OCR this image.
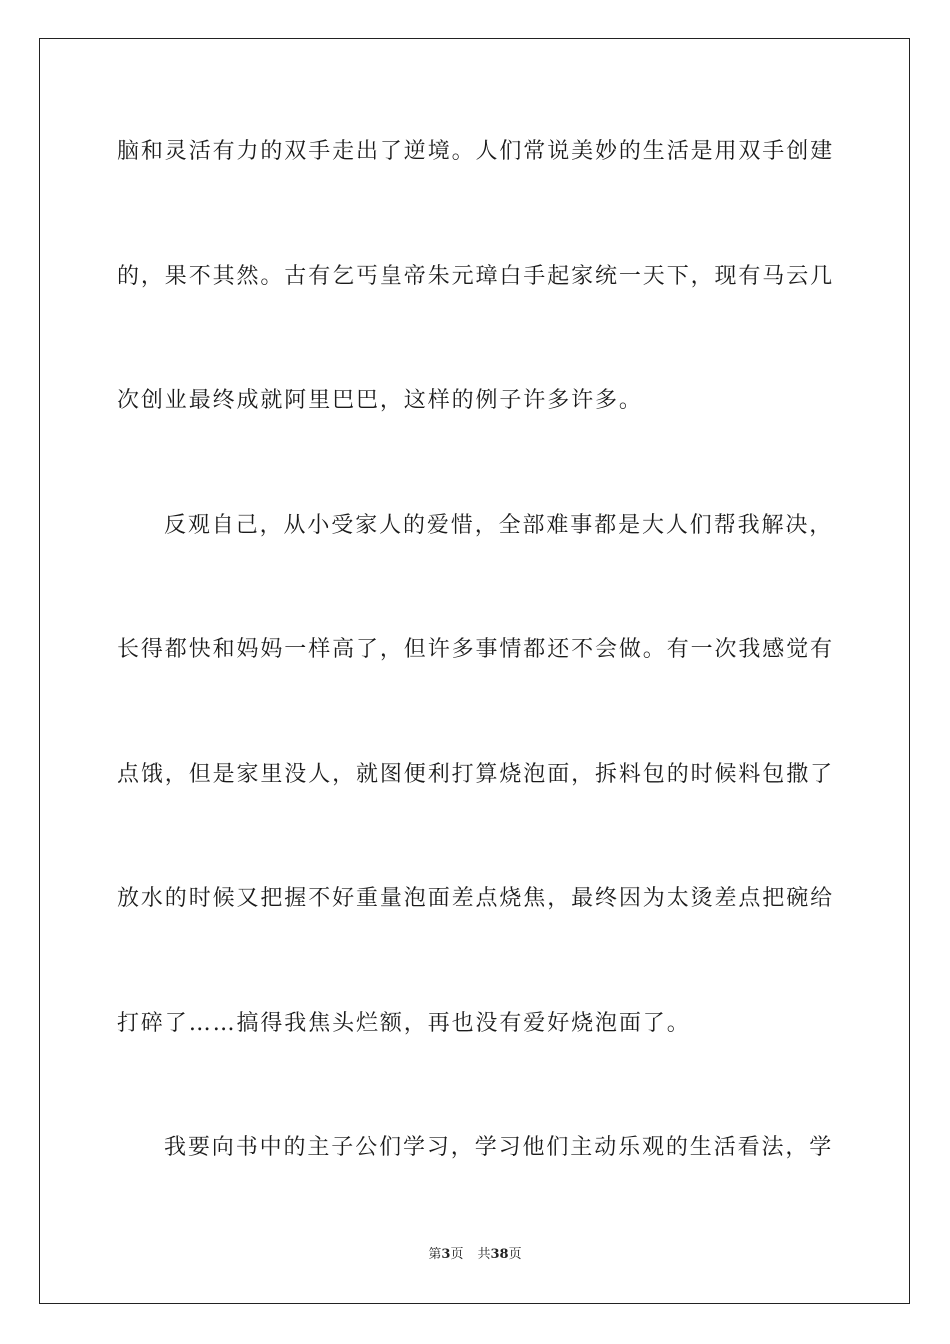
脑和灵活有力的双手走出了逆境。人们常说美妙的生活是用双手创建
的，果不其然。古有乞丐皇帝朱元璋白手起家统一天下，现有马云几
次创业最终成就阿里巴巴，这样的例子许多许多。
反观自己，从小受家人的爱惜，全部难事都是大人们帮我解决，
长得都快和妈妈一样高了，但许多事情都还不会做。有一次我感觉有
点饿，但是家里没人，就图便利打算烧泡面，拆料包的时候料包撒了
放水的时候又把握不好重量泡面差点烧焦，最终因为太烫差点把碗给
打碎了……搞得我焦头烂额，再也没有爱好烧泡面了。
我要向书中的主子公们学习，学习他们主动乐观的生活看法，学
第3页 共38页
